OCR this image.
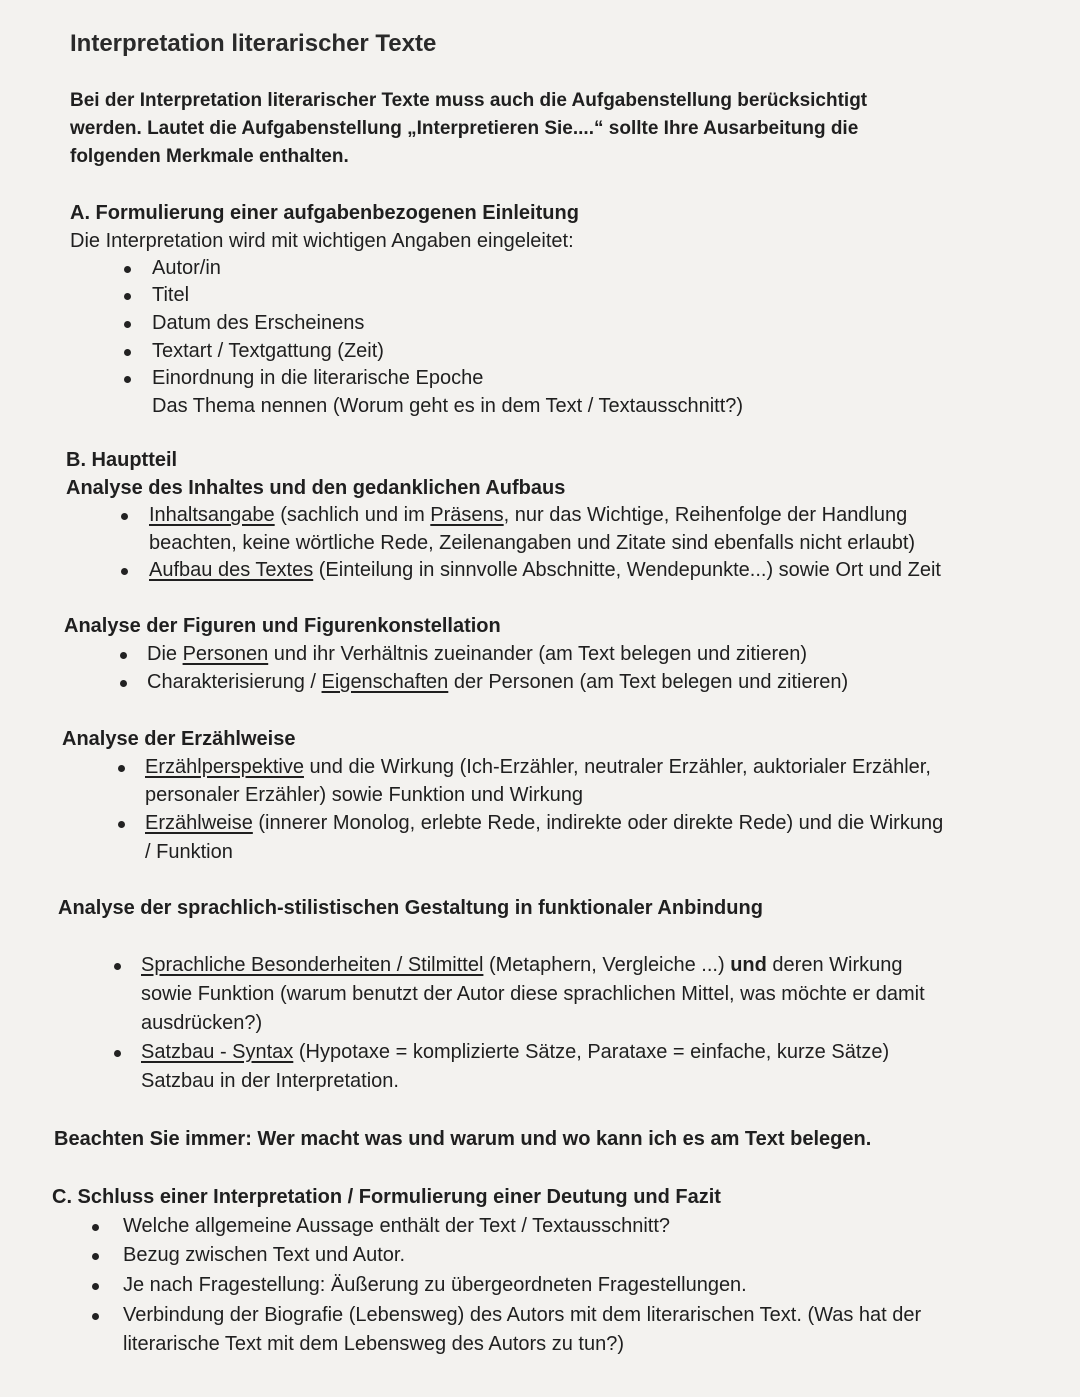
Interpretation literarischer Texte
Bei der Interpretation literarischer Texte muss auch die Aufgabenstellung berücksichtigt
werden. Lautet die Aufgabenstellung „Interpretieren Sie....“ sollte Ihre Ausarbeitung die
folgenden Merkmale enthalten.
A. Formulierung einer aufgabenbezogenen Einleitung
Die Interpretation wird mit wichtigen Angaben eingeleitet:
Autor/in
Titel
Datum des Erscheinens
Textart / Textgattung (Zeit)
Einordnung in die literarische Epoche
Das Thema nennen (Worum geht es in dem Text / Textausschnitt?)
B. Hauptteil
Analyse des Inhaltes und den gedanklichen Aufbaus
Inhaltsangabe (sachlich und im Präsens, nur das Wichtige, Reihenfolge der Handlung
beachten, keine wörtliche Rede, Zeilenangaben und Zitate sind ebenfalls nicht erlaubt)
Aufbau des Textes (Einteilung in sinnvolle Abschnitte, Wendepunkte...) sowie Ort und Zeit
Analyse der Figuren und Figurenkonstellation
Die Personen und ihr Verhältnis zueinander (am Text belegen und zitieren)
Charakterisierung / Eigenschaften der Personen (am Text belegen und zitieren)
Analyse der Erzählweise
Erzählperspektive und die Wirkung (Ich-Erzähler, neutraler Erzähler, auktorialer Erzähler,
personaler Erzähler) sowie Funktion und Wirkung
Erzählweise (innerer Monolog, erlebte Rede, indirekte oder direkte Rede) und die Wirkung
/ Funktion
Analyse der sprachlich-stilistischen Gestaltung in funktionaler Anbindung
Sprachliche Besonderheiten / Stilmittel (Metaphern, Vergleiche ...) und deren Wirkung
sowie Funktion (warum benutzt der Autor diese sprachlichen Mittel, was möchte er damit
ausdrücken?)
Satzbau - Syntax (Hypotaxe = komplizierte Sätze, Parataxe = einfache, kurze Sätze)
Satzbau in der Interpretation.
Beachten Sie immer: Wer macht was und warum und wo kann ich es am Text belegen.
C. Schluss einer Interpretation / Formulierung einer Deutung und Fazit
Welche allgemeine Aussage enthält der Text / Textausschnitt?
Bezug zwischen Text und Autor.
Je nach Fragestellung: Äußerung zu übergeordneten Fragestellungen.
Verbindung der Biografie (Lebensweg) des Autors mit dem literarischen Text. (Was hat der
literarische Text mit dem Lebensweg des Autors zu tun?)
